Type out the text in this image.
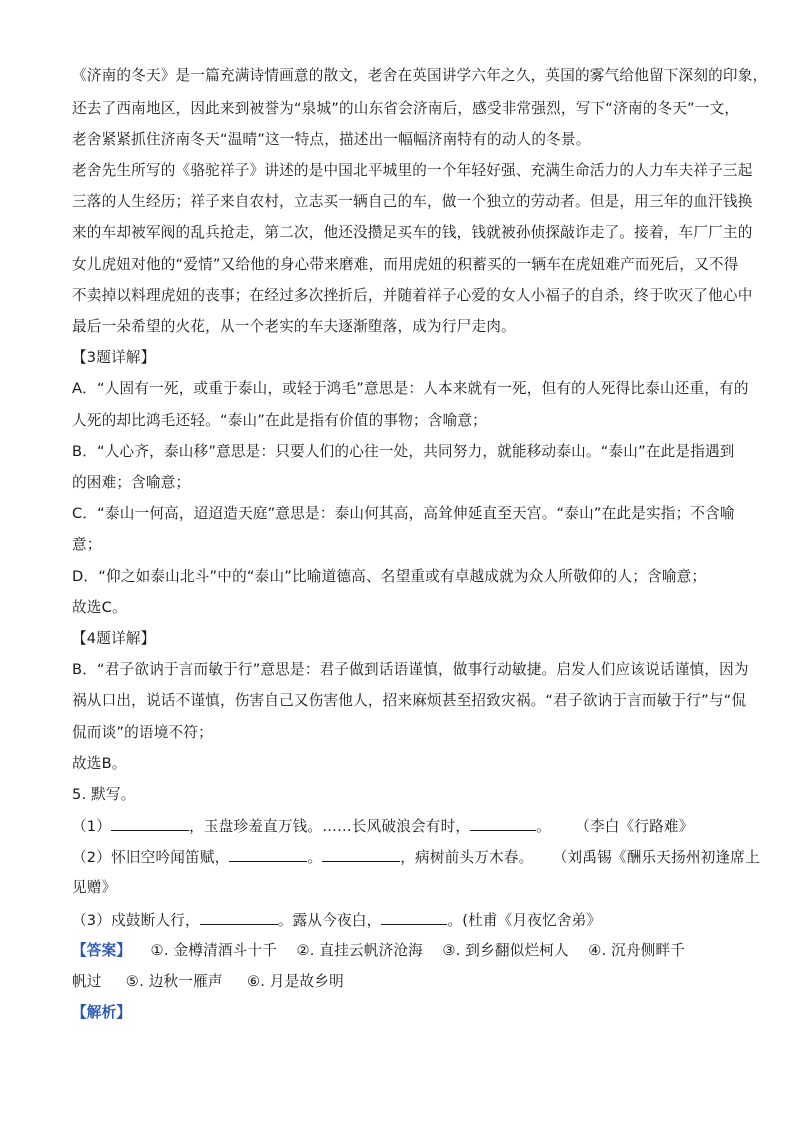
《济南的冬天》是一篇充满诗情画意的散文，老舍在英国讲学六年之久，英国的雾气给他留下深刻的印象，
还去了西南地区，因此来到被誉为“泉城”的山东省会济南后，感受非常强烈，写下“济南的冬天”一文，
老舍紧紧抓住济南冬天“温晴”这一特点，描述出一幅幅济南特有的动人的冬景。
老舍先生所写的《骆驼祥子》讲述的是中国北平城里的一个年轻好强、充满生命活力的人力车夫祥子三起
三落的人生经历；祥子来自农村，立志买一辆自己的车，做一个独立的劳动者。但是，用三年的血汗钱换
来的车却被军阀的乱兵抢走，第二次，他还没攒足买车的钱，钱就被孙侦探敲诈走了。接着，车厂厂主的
女儿虎妞对他的“爱情”又给他的身心带来磨难，而用虎妞的积蓄买的一辆车在虎妞难产而死后，又不得
不卖掉以料理虎妞的丧事；在经过多次挫折后，并随着祥子心爱的女人小福子的自杀，终于吹灭了他心中
最后一朵希望的火花，从一个老实的车夫逐渐堕落，成为行尸走肉。
【3题详解】
A．“人固有一死，或重于泰山，或轻于鸿毛”意思是：人本来就有一死，但有的人死得比泰山还重，有的
人死的却比鸿毛还轻。“泰山”在此是指有价值的事物；含喻意；
B．“人心齐，泰山移”意思是：只要人们的心往一处，共同努力，就能移动泰山。“泰山”在此是指遇到
的困难；含喻意；
C．“泰山一何高，迢迢造天庭”意思是：泰山何其高，高耸伸延直至天宫。“泰山”在此是实指；不含喻
意；
D．“仰之如泰山北斗”中的“泰山”比喻道德高、名望重或有卓越成就为众人所敬仰的人；含喻意；
故选C。
【4题详解】
B．“君子欲讷于言而敏于行”意思是：君子做到话语谨慎，做事行动敏捷。启发人们应该说话谨慎，因为
祸从口出，说话不谨慎，伤害自己又伤害他人，招来麻烦甚至招致灾祸。“君子欲讷于言而敏于行”与“侃
侃而谈”的语境不符；
故选B。
5. 默写。
（1）	，玉盘珍羞直万钱。……长风破浪会有时，	。 （李白《行路难》
（2）怀旧空吟闻笛赋，	。	，病树前头万木春。 （刘禹锡《酬乐天扬州初逢席上
见赠》
（3）戍鼓断人行，	。露从今夜白，	。(杜甫《月夜忆舍弟》
【答案】 ①. 金樽清酒斗十千 ②. 直挂云帆济沧海 ③. 到乡翻似烂柯人 ④. 沉舟侧畔千
帆过 ⑤. 边秋一雁声 ⑥. 月是故乡明
【解析】
